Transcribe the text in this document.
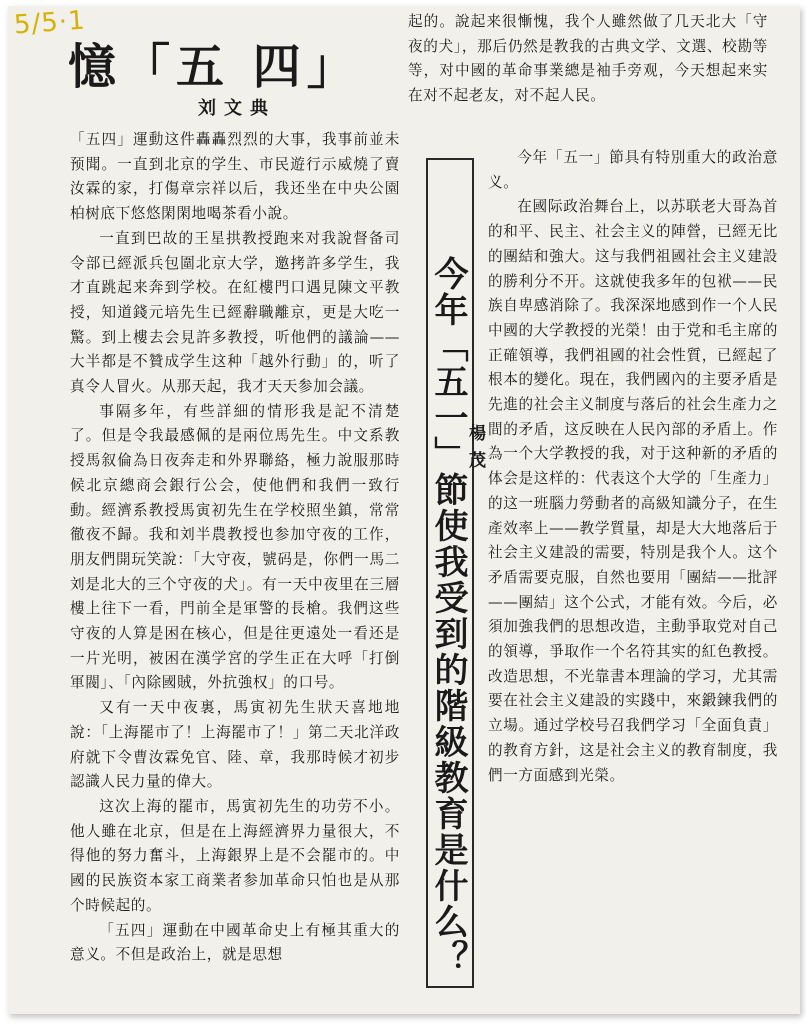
5/5·1
憶「五 四」
刘文典

「五四」運動这件轟轟烈烈的大事，我事前並未预聞。一直到北京的学生、市民遊行示威燒了賣汝霖的家，打傷章宗祥以后，我还坐在中央公園柏树底下悠悠閑閑地喝茶看小說。

一直到巴故的王星拱教授跑来对我說督备司令部已經派兵包圍北京大学，邀拷許多学生，我才直跳起来奔到学校。在紅樓門口遇見陳文平教授，知道錢元培先生已經辭職離京，更是大吃一驚。到上樓去会見許多教授，听他們的議論——大半都是不贊成学生这种「越外行動」的，听了真令人冒火。从那天起，我才天天参加会議。

事隔多年，有些詳細的情形我是記不清楚了。但是令我最感佩的是兩位馬先生。中文系教授馬叙倫為日夜奔走和外界聯絡，極力說服那時候北京總商会銀行公会，使他們和我們一致行動。經濟系教授馬寅初先生在学校照坐鎮，常常徹夜不歸。我和刘半農教授也参加守夜的工作，朋友們開玩笑說：「大守夜，號码是，你們一馬二刘是北大的三个守夜的犬」。有一天中夜里在三層樓上往下一看，門前全是軍警的長槍。我們这些守夜的人算是困在核心，但是往更遠处一看还是一片光明，被困在漢学宮的学生正在大呼「打倒軍閥」、「內除國賊，外抗強权」的口号。

又有一天中夜裏，馬寅初先生狀天喜地地說：「上海罷市了！上海罷市了！」第二天北洋政府就下令曹汝霖免官、陸、章，我那時候才初步認識人民力量的偉大。

这次上海的罷市，馬寅初先生的功劳不小。他人雖在北京，但是在上海經濟界力量很大，不得他的努力奮斗，上海銀界上是不会罷市的。中國的民族资本家工商業者参加革命只怕也是从那个時候起的。

「五四」運動在中國革命史上有極其重大的意义。不但是政治上，就是思想

起的。說起来很慚愧，我个人雖然做了几天北大「守夜的犬」，那后仍然是教我的古典文学、文選、校勘等等，对中國的革命事業總是袖手旁观，今天想起来实在对不起老友，对不起人民。

今年「五一」節使我受到的階級教育是什么？
楊茂

今年「五一」節具有特別重大的政治意义。

在國际政治舞台上，以苏联老大哥為首的和平、民主、社会主义的陣營，已經无比的團結和強大。这与我們祖國社会主义建設的勝利分不开。这就使我多年的包袱——民族自卑感消除了。我深深地感到作一个人民中國的大学教授的光榮！由于党和毛主席的正確領導，我們祖國的社会性質，已經起了根本的變化。現在，我們國內的主要矛盾是先進的社会主义制度与落后的社会生產力之間的矛盾，这反映在人民內部的矛盾上。作為一个大学教授的我，对于这种新的矛盾的体会是这样的：代表这个大学的「生產力」的这一班腦力勞動者的高級知識分子，在生產效率上——教学質量，却是大大地落后于社会主义建設的需要，特別是我个人。这个矛盾需要克服，自然也要用「團結——批評——團結」这个公式，才能有效。今后，必須加強我們的思想改造，主動爭取党对自己的領導，爭取作一个名符其实的紅色教授。改造思想，不光靠書本理論的学习，尤其需要在社会主义建設的实踐中，來鍛鍊我們的立場。通过学校号召我們学习「全面負責」的教育方針，这是社会主义的教育制度，我們一方面感到光榮。
